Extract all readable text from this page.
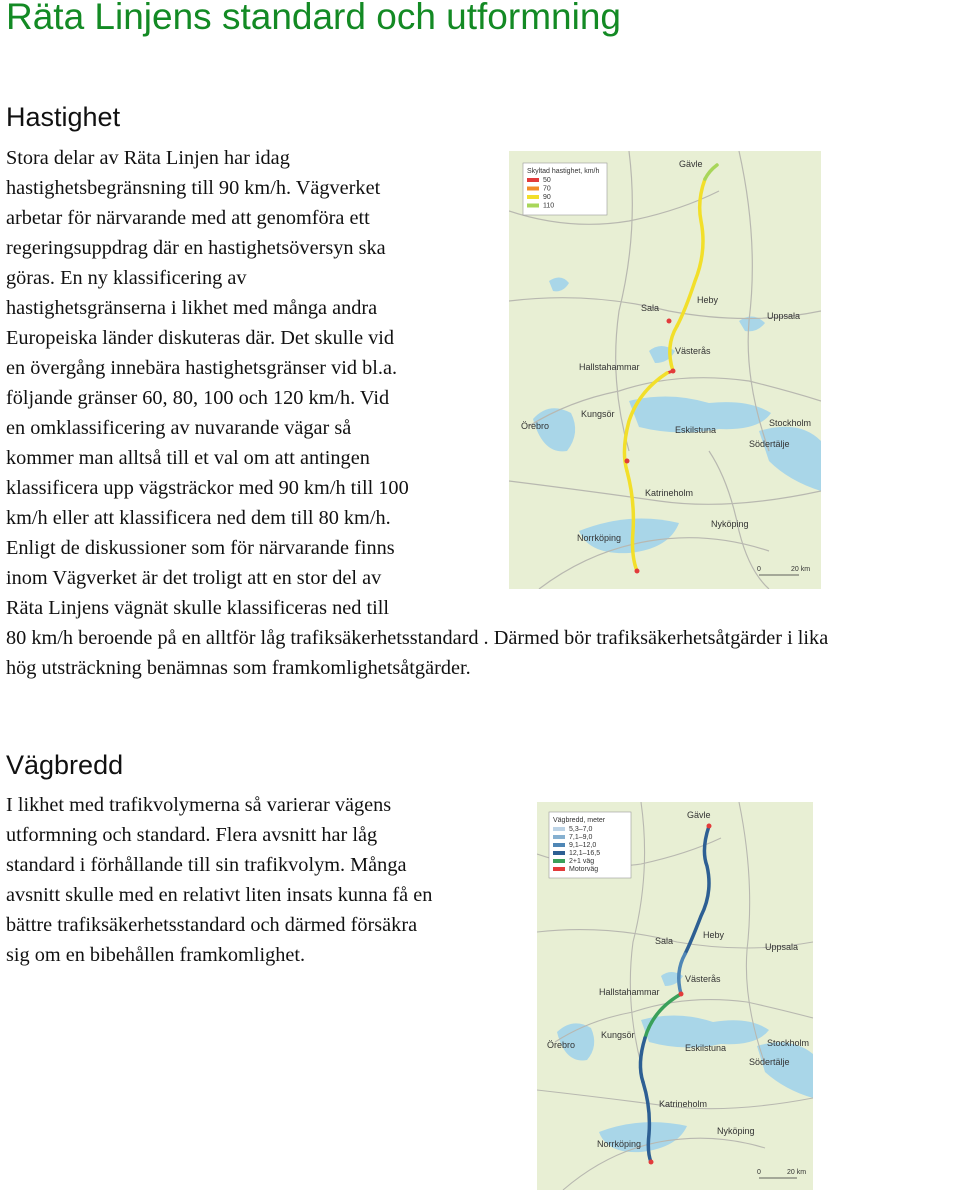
Räta Linjens standard och utformning
Hastighet
Stora delar av Räta Linjen har idag
hastighetsbegränsning till 90 km/h. Vägverket
arbetar för närvarande med att genomföra ett
regeringsuppdrag där en hastighetsöversyn ska
göras. En ny klassificering av
hastighetsgränserna i likhet med många andra
Europeiska länder diskuteras där. Det skulle vid
en övergång innebära hastighetsgränser vid bl.a.
följande gränser 60, 80, 100 och 120 km/h. Vid
en omklassificering av nuvarande vägar så
kommer man alltså till et val om att antingen
klassificera upp vägsträckor med 90 km/h till 100
km/h eller att klassificera ned dem till 80 km/h.
Enligt de diskussioner som för närvarande finns
inom Vägverket är det troligt att en stor del av
Räta Linjens vägnät skulle klassificeras ned till
80 km/h beroende på en alltför låg trafiksäkerhetsstandard . Därmed bör trafiksäkerhetsåtgärder i lika
hög utsträckning benämnas som framkomlighetsåtgärder.
Vägbredd
I likhet med trafikvolymerna så varierar vägens
utformning och standard. Flera avsnitt har låg
standard i förhållande till sin trafikvolym. Många
avsnitt skulle med en relativt liten insats kunna få en
bättre trafiksäkerhetsstandard och därmed försäkra
sig om en bibehållen framkomlighet.
Skyltad hastighet, km/h
50
70
90
110
Gävle
Sala
Heby
Uppsala
Västerås
Hallstahammar
Örebro
Kungsör
Eskilstuna
Stockholm
Södertälje
Katrineholm
Nyköping
Norrköping
0	20 km
Vägbredd, meter
5,3–7,0
7,1–9,0
9,1–12,0
12,1–16,5
2+1 väg
Motorväg
Gävle
Sala
Heby
Uppsala
Västerås
Hallstahammar
Örebro
Kungsör
Eskilstuna	Stockholm
Södertälje
Katrineholm
Nyköping
Norrköping
0	20 km
